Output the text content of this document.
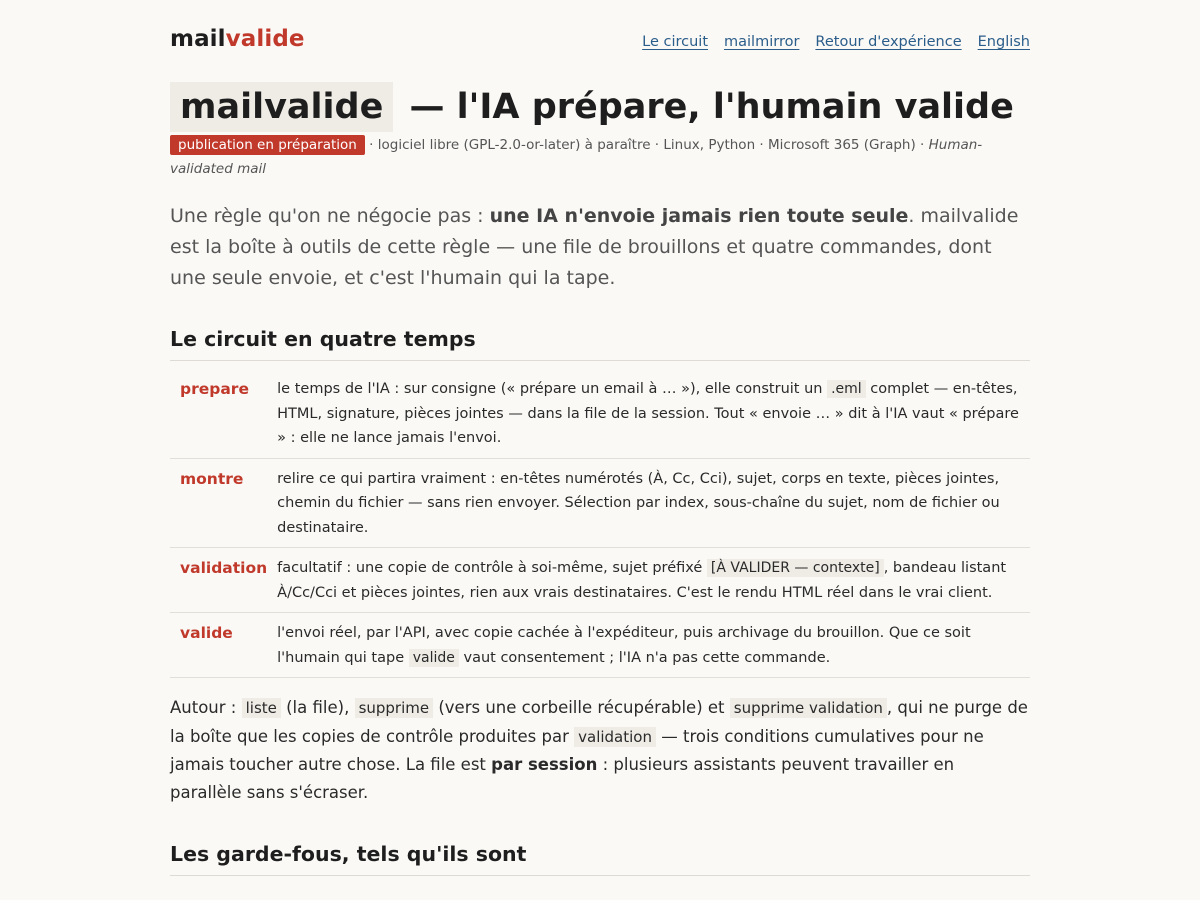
mailvalide	Le circuit mailmirror Retour d'expérience English
mailvalide — l'IA prépare, l'humain valide

publication en préparation · logiciel libre (GPL-2.0-or-later) à paraître · Linux, Python · Microsoft 365 (Graph) · Human-validated mail

Une règle qu'on ne négocie pas : une IA n'envoie jamais rien toute seule. mailvalide est la boîte à outils de cette règle — une file de brouillons et quatre commandes, dont une seule envoie, et c'est l'humain qui la tape.

Le circuit en quatre temps
prepare	le temps de l'IA : sur consigne (« prépare un email à … »), elle construit un .eml complet — en-têtes, HTML, signature, pièces jointes — dans la file de la session. Tout « envoie … » dit à l'IA vaut « prépare » : elle ne lance jamais l'envoi.
montre	relire ce qui partira vraiment : en-têtes numérotés (À, Cc, Cci), sujet, corps en texte, pièces jointes, chemin du fichier — sans rien envoyer. Sélection par index, sous-chaîne du sujet, nom de fichier ou destinataire.
validation	facultatif : une copie de contrôle à soi-même, sujet préfixé [À VALIDER — contexte] , bandeau listant À/Cc/Cci et pièces jointes, rien aux vrais destinataires. C'est le rendu HTML réel dans le vrai client.
valide	l'envoi réel, par l'API, avec copie cachée à l'expéditeur, puis archivage du brouillon. Que ce soit l'humain qui tape valide vaut consentement ; l'IA n'a pas cette commande.

Autour : liste (la file), supprime (vers une corbeille récupérable) et supprime validation , qui ne purge de la boîte que les copies de contrôle produites par validation — trois conditions cumulatives pour ne jamais toucher autre chose. La file est par session : plusieurs assistants peuvent travailler en parallèle sans s'écraser.

Les garde-fous, tels qu'ils sont
